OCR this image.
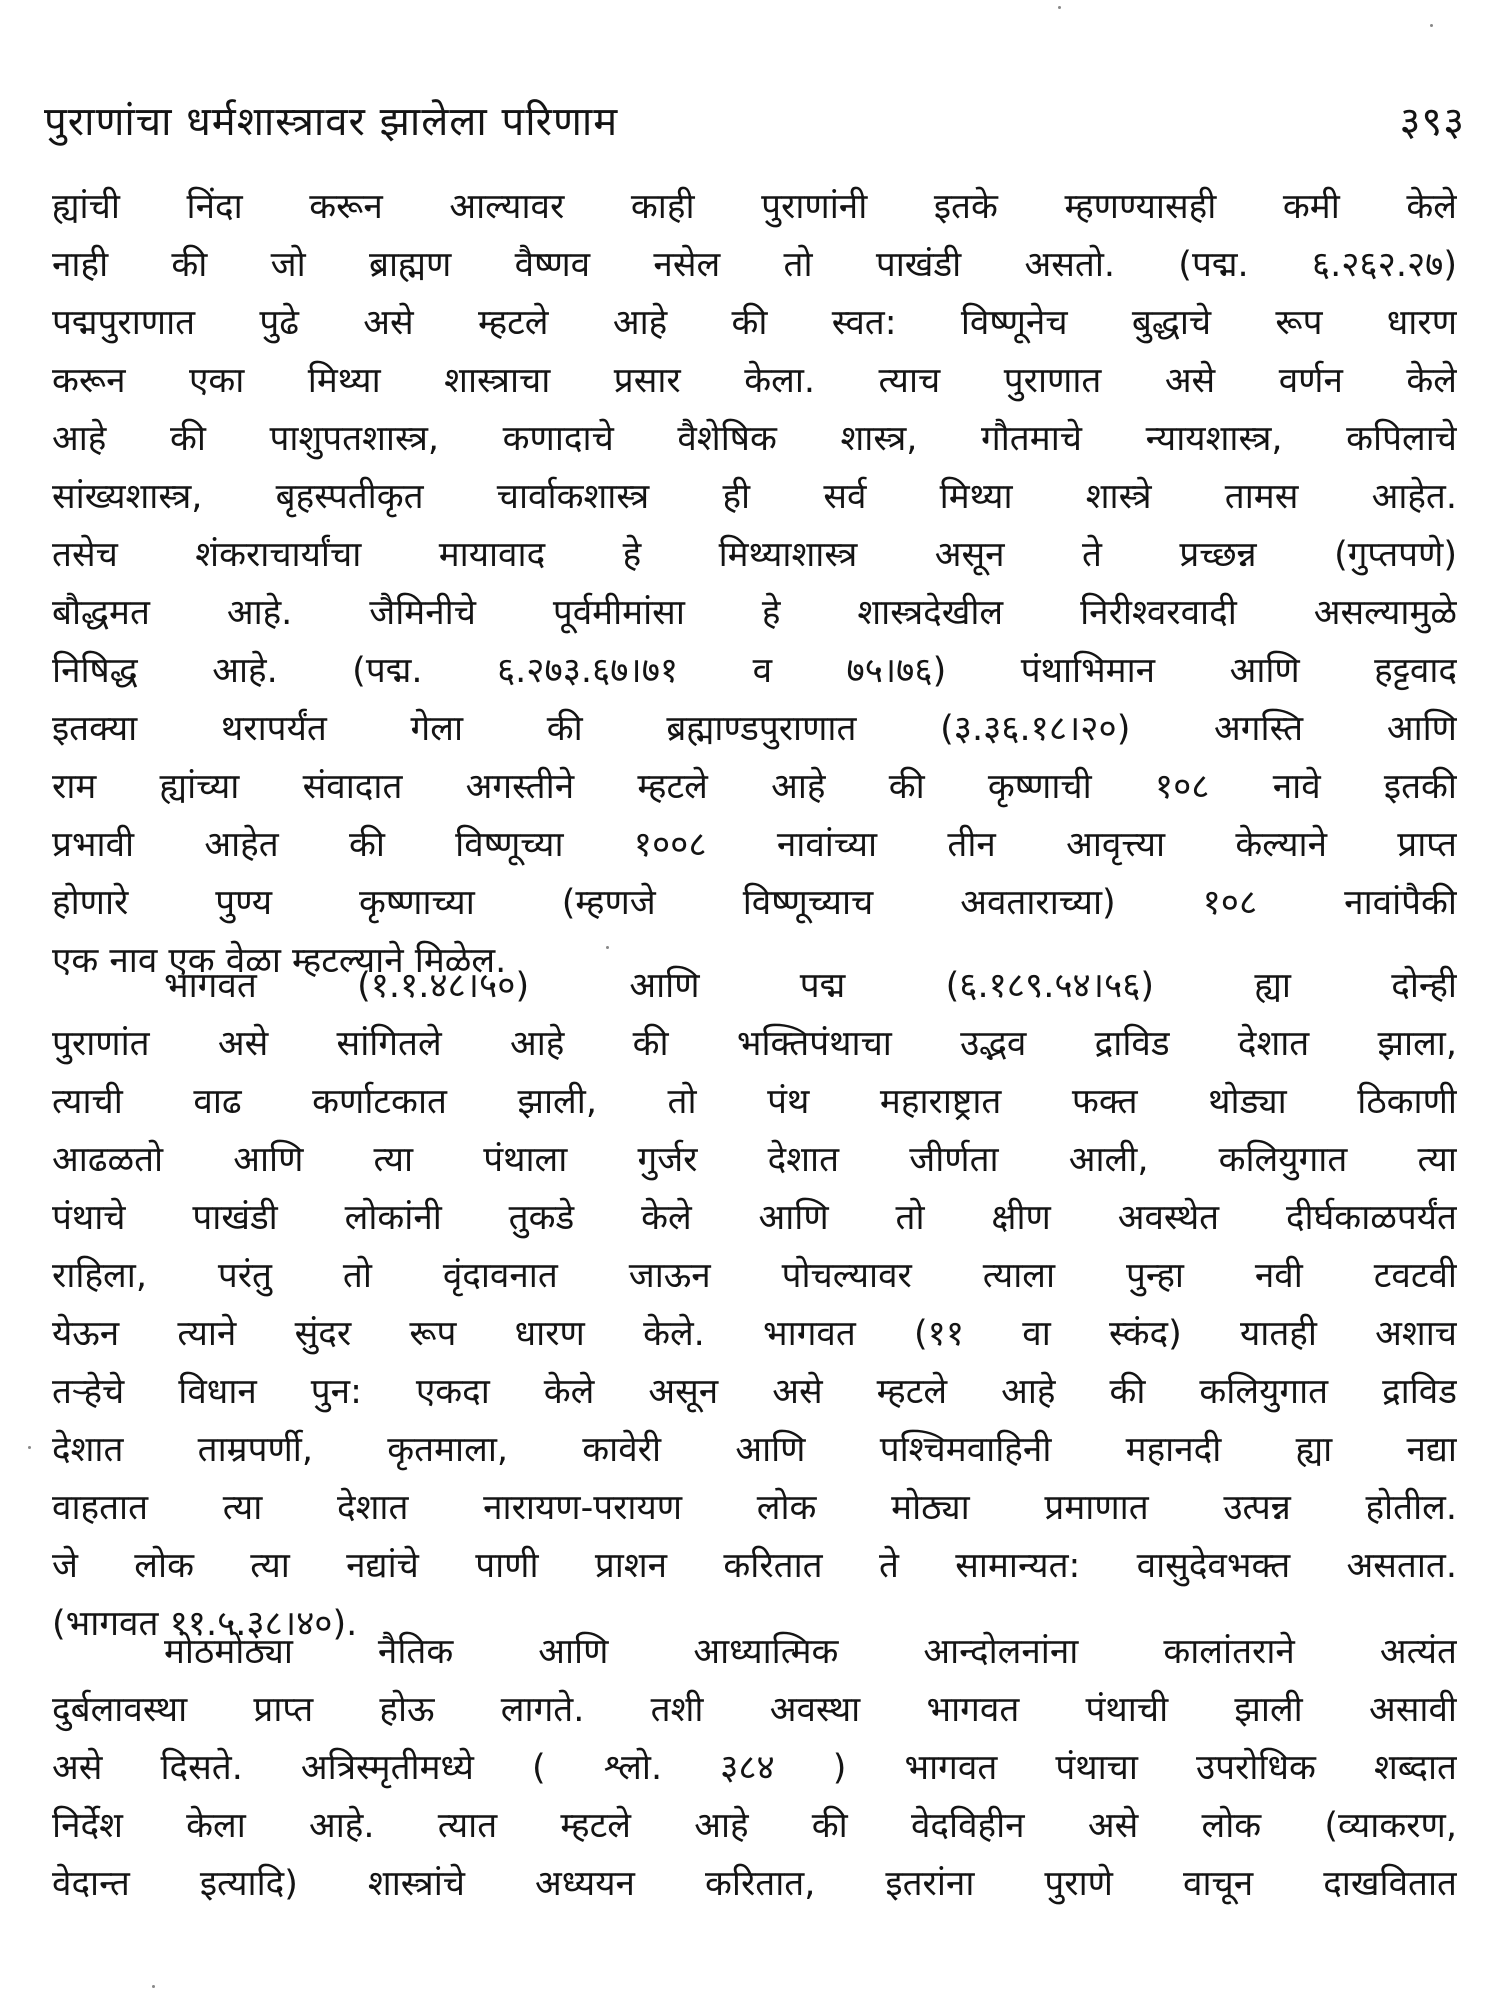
पुराणांचा धर्मशास्त्रावर झालेला परिणाम	३९३
ह्यांची निंदा करून आल्यावर काही पुराणांनी इतके म्हणण्यासही कमी केले
नाही की जो ब्राह्मण वैष्णव नसेल तो पाखंडी असतो. (पद्म. ६.२६२.२७)
पद्मपुराणात पुढे असे म्हटले आहे की स्वत: विष्णूनेच बुद्धाचे रूप धारण
करून एका मिथ्या शास्त्राचा प्रसार केला. त्याच पुराणात असे वर्णन केले
आहे की पाशुपतशास्त्र, कणादाचे वैशेषिक शास्त्र, गौतमाचे न्यायशास्त्र, कपिलाचे
सांख्यशास्त्र, बृहस्पतीकृत चार्वाकशास्त्र ही सर्व मिथ्या शास्त्रे तामस आहेत.
तसेच शंकराचार्यांचा मायावाद हे मिथ्याशास्त्र असून ते प्रच्छन्न (गुप्तपणे)
बौद्धमत आहे. जैमिनीचे पूर्वमीमांसा हे शास्त्रदेखील निरीश्वरवादी असल्यामुळे
निषिद्ध आहे. (पद्म. ६.२७३.६७।७१ व ७५।७६) पंथाभिमान आणि हट्टवाद
इतक्या थरापर्यंत गेला की ब्रह्माण्डपुराणात (३.३६.१८।२०) अगस्ति आणि
राम ह्यांच्या संवादात अगस्तीने म्हटले आहे की कृष्णाची १०८ नावे इतकी
प्रभावी आहेत की विष्णूच्या १००८ नावांच्या तीन आवृत्त्या केल्याने प्राप्त
होणारे पुण्य कृष्णाच्या (म्हणजे विष्णूच्याच अवताराच्या) १०८ नावांपैकी
एक नाव एक वेळा म्हटल्याने मिळेल.
भागवत (१.१.४८।५०) आणि पद्म (६.१८९.५४।५६) ह्या दोन्ही
पुराणांत असे सांगितले आहे की भक्तिपंथाचा उद्भव द्राविड देशात झाला,
त्याची वाढ कर्णाटकात झाली, तो पंथ महाराष्ट्रात फक्त थोड्या ठिकाणी
आढळतो आणि त्या पंथाला गुर्जर देशात जीर्णता आली, कलियुगात त्या
पंथाचे पाखंडी लोकांनी तुकडे केले आणि तो क्षीण अवस्थेत दीर्घकाळपर्यंत
राहिला, परंतु तो वृंदावनात जाऊन पोचल्यावर त्याला पुन्हा नवी टवटवी
येऊन त्याने सुंदर रूप धारण केले. भागवत (११ वा स्कंद) यातही अशाच
तऱ्हेचे विधान पुन: एकदा केले असून असे म्हटले आहे की कलियुगात द्राविड
देशात ताम्रपर्णी, कृतमाला, कावेरी आणि पश्चिमवाहिनी महानदी ह्या नद्या
वाहतात त्या देशात नारायण-परायण लोक मोठ्या प्रमाणात उत्पन्न होतील.
जे लोक त्या नद्यांचे पाणी प्राशन करितात ते सामान्यत: वासुदेवभक्त असतात.
(भागवत ११.५.३८।४०).
मोठमोठ्या नैतिक आणि आध्यात्मिक आन्दोलनांना कालांतराने अत्यंत
दुर्बलावस्था प्राप्त होऊ लागते. तशी अवस्था भागवत पंथाची झाली असावी
असे दिसते. अत्रिस्मृतीमध्ये ( श्लो. ३८४ ) भागवत पंथाचा उपरोधिक शब्दात
निर्देश केला आहे. त्यात म्हटले आहे की वेदविहीन असे लोक (व्याकरण,
वेदान्त इत्यादि) शास्त्रांचे अध्ययन करितात, इतरांना पुराणे वाचून दाखवितात
